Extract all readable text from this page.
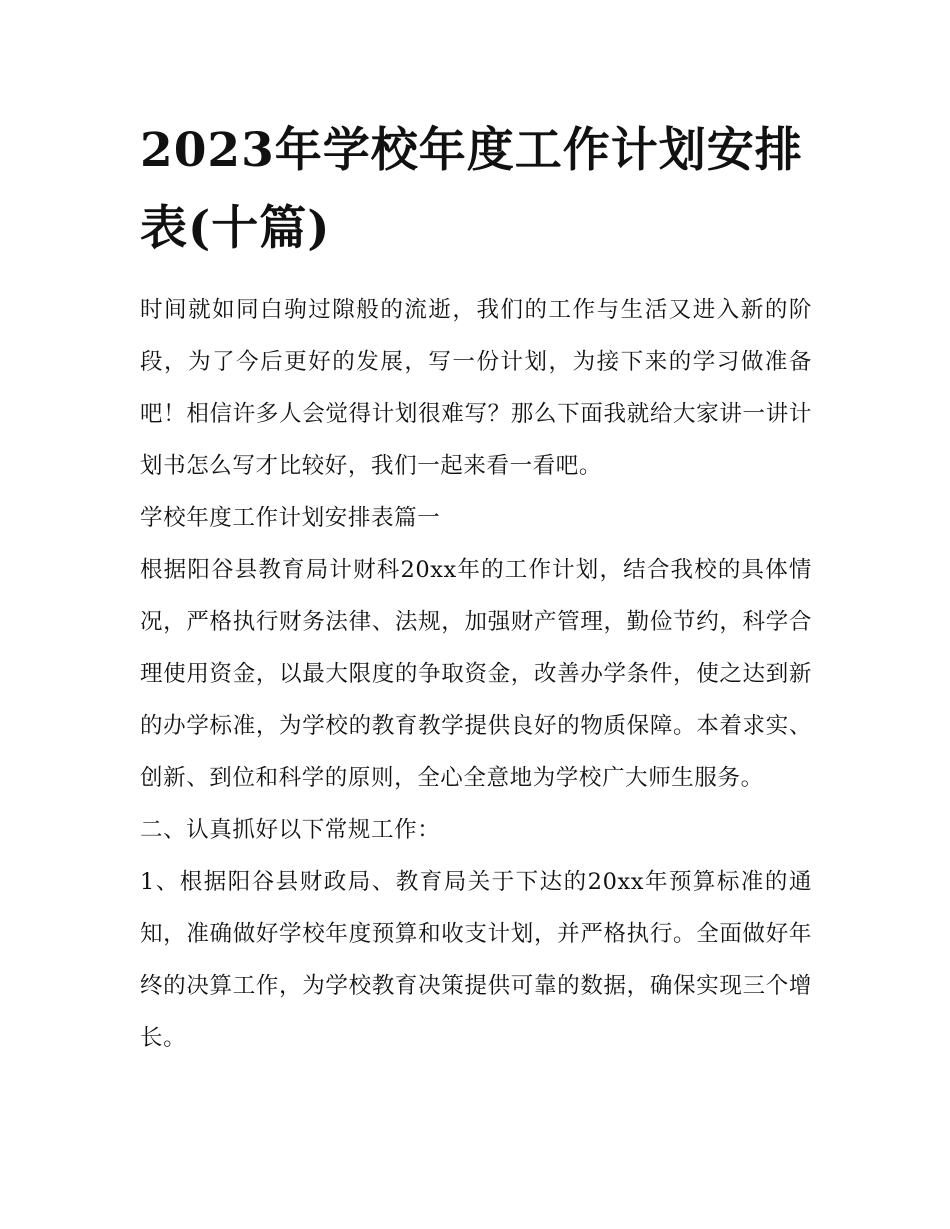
2023年学校年度工作计划安排表(十篇)

时间就如同白驹过隙般的流逝，我们的工作与生活又进入新的阶段，为了今后更好的发展，写一份计划，为接下来的学习做准备吧！相信许多人会觉得计划很难写？那么下面我就给大家讲一讲计划书怎么写才比较好，我们一起来看一看吧。

学校年度工作计划安排表篇一

根据阳谷县教育局计财科20xx年的工作计划，结合我校的具体情况，严格执行财务法律、法规，加强财产管理，勤俭节约，科学合理使用资金，以最大限度的争取资金，改善办学条件，使之达到新的办学标准，为学校的教育教学提供良好的物质保障。本着求实、创新、到位和科学的原则，全心全意地为学校广大师生服务。

二、认真抓好以下常规工作：

1、根据阳谷县财政局、教育局关于下达的20xx年预算标准的通知，准确做好学校年度预算和收支计划，并严格执行。全面做好年终的决算工作，为学校教育决策提供可靠的数据，确保实现三个增长。
